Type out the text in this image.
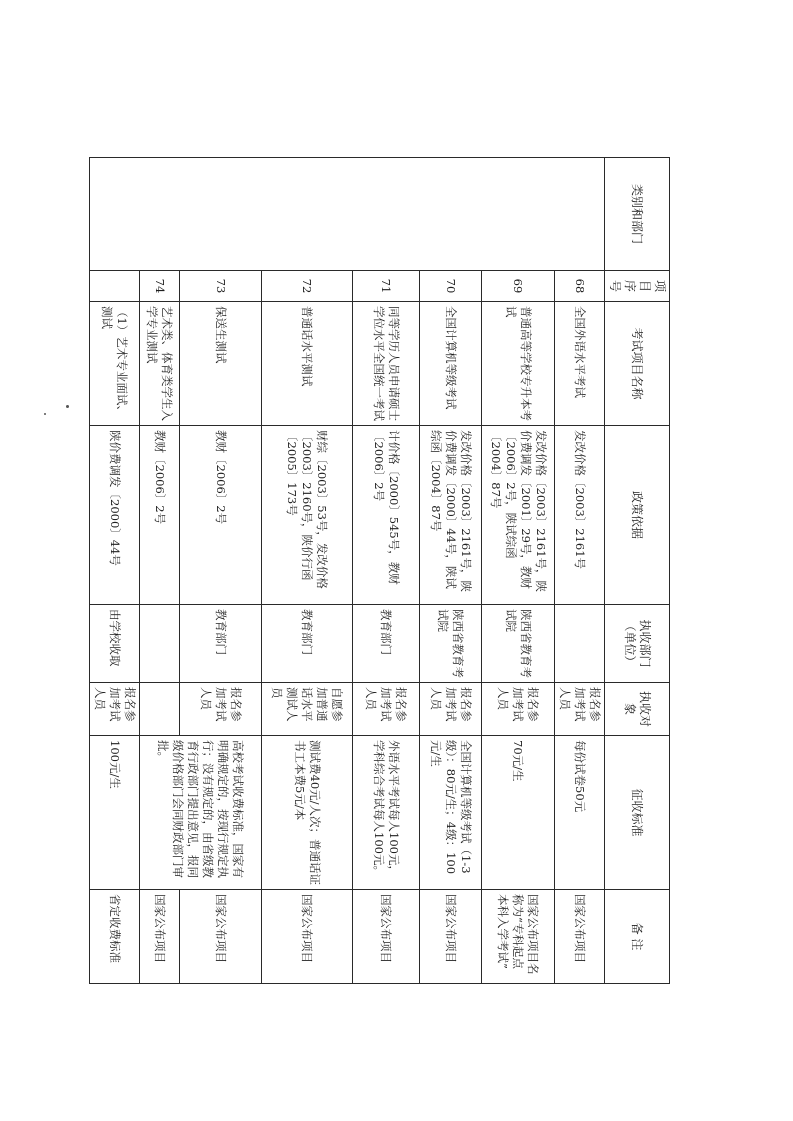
类别和部门	项目序号	考试项目名称	政策依据	执收部门（单位）	执收对象	征收标准	备 注
	68	全国外语水平考试	发改价格〔2003〕2161号		报名参加考试人员	每份试卷50元	国家公布项目
	69	普通高等学校专升本考试	发改价格〔2003〕2161号，陕价费调发〔2001〕29号，教财〔2006〕2号，陕试综函〔2004〕87号	陕西省教育考试院	报名参加考试人员	70元/生	国家公布项目名称为“专科起点本科入学考试”
	70	全国计算机等级考试	发改价格〔2003〕2161号，陕价费调发〔2000〕44号，陕试综函〔2004〕87号	陕西省教育考试院	报名参加考试人员	全国计算机等级考试（1-3级）：80元/生；4级：100元/生	国家公布项目
	71	同等学历人员申请硕士学位水平全国统一考试	计价格〔2000〕545号，教财〔2006〕2号	教育部门	报名参加考试人员	外语水平考试每人100元，学科综合考试每人100元。	国家公布项目
	72	普通话水平测试	财综〔2003〕53号，发改价格〔2003〕2160号，陕价行函〔2005〕173号	教育部门	自愿参加普通话水平测试人员	测试费40元/人次；普通话证书工本费5元/本	国家公布项目
	73	保送生测试	教财〔2006〕2号	教育部门	报名参加考试人员	高校考试收费标准，国家有明确规定的，按现行规定执行；没有规定的，由省级教育行政部门提出意见，报同级价格部门会同财政部门审批。	国家公布项目
	74	艺术类、体育类学生入学专业测试	教财〔2006〕2号				国家公布项目
		（1）艺术专业面试、测试	陕价费调发〔2000〕44号	由学校收取	报名参加考试人员	100元/生	省定收费标准
